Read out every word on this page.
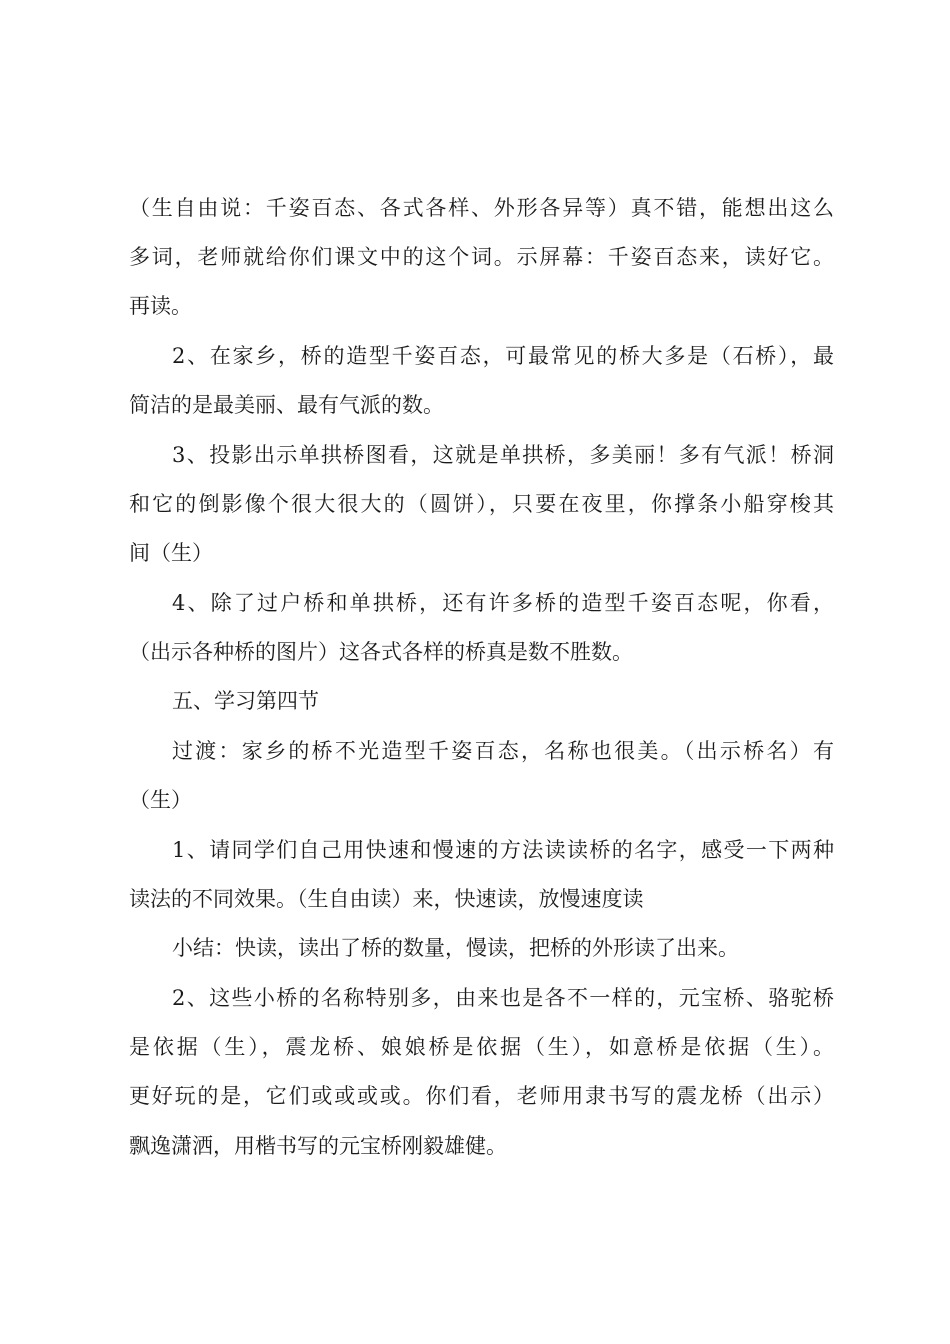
（生自由说：千姿百态、各式各样、外形各异等）真不错，能想出这么
多词，老师就给你们课文中的这个词。示屏幕：千姿百态来，读好它。
再读。
2、在家乡，桥的造型千姿百态，可最常见的桥大多是（石桥），最
简洁的是最美丽、最有气派的数。
3、投影出示单拱桥图看，这就是单拱桥，多美丽！多有气派！桥洞
和它的倒影像个很大很大的（圆饼），只要在夜里，你撑条小船穿梭其
间（生）
4、除了过户桥和单拱桥，还有许多桥的造型千姿百态呢，你看，
（出示各种桥的图片）这各式各样的桥真是数不胜数。
五、学习第四节
过渡：家乡的桥不光造型千姿百态，名称也很美。（出示桥名）有
（生）
1、请同学们自己用快速和慢速的方法读读桥的名字，感受一下两种
读法的不同效果。（生自由读）来，快速读，放慢速度读
小结：快读，读出了桥的数量，慢读，把桥的外形读了出来。
2、这些小桥的名称特别多，由来也是各不一样的，元宝桥、骆驼桥
是依据（生），震龙桥、娘娘桥是依据（生），如意桥是依据（生）。
更好玩的是，它们或或或或。你们看，老师用隶书写的震龙桥（出示）
飘逸潇洒，用楷书写的元宝桥刚毅雄健。
